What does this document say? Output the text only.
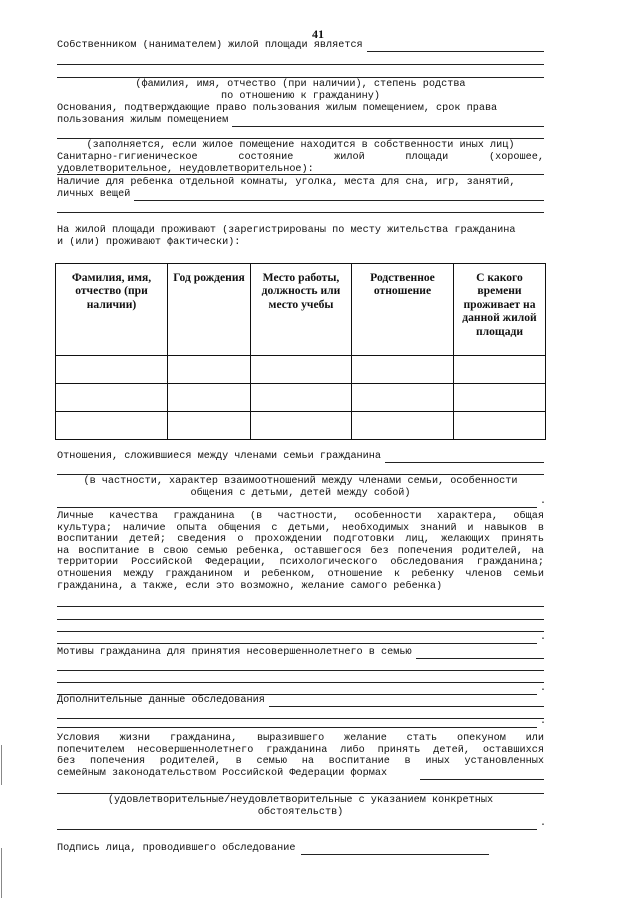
41
Собственником (нанимателем) жилой площади является
(фамилия, имя, отчество (при наличии), степень родства
по отношению к гражданину)
Основания, подтверждающие право пользования жилым помещением, срок права
пользования жилым помещением
(заполняется, если жилое помещение находится в собственности иных лиц)
Санитарно-гигиеническое состояние жилой площади (хорошее,
удовлетворительное, неудовлетворительное):
Наличие для ребенка отдельной комнаты, уголка, места для сна, игр, занятий,
личных вещей
На жилой площади проживают (зарегистрированы по месту жительства гражданина
и (или) проживают фактически):
Фамилия, имя, отчество (при наличии)	Год рождения	Место работы, должность или место учебы	Родственное отношение	С какого времени проживает на данной жилой площади

Отношения, сложившиеся между членами семьи гражданина
(в частности, характер взаимоотношений между членами семьи, особенности
общения с детьми, детей между собой)
.
Личные качества гражданина (в частности, особенности характера, общая
культура; наличие опыта общения с детьми, необходимых знаний и навыков в
воспитании детей; сведения о прохождении подготовки лиц, желающих принять
на воспитание в свою семью ребенка, оставшегося без попечения родителей, на
территории Российской Федерации, психологического обследования гражданина;
отношения между гражданином и ребенком, отношение к ребенку членов семьи
гражданина, а также, если это возможно, желание самого ребенка)
.
Мотивы гражданина для принятия несовершеннолетнего в семью
.
Дополнительные данные обследования
.
Условия жизни гражданина, выразившего желание стать опекуном или
попечителем несовершеннолетнего гражданина либо принять детей, оставшихся
без попечения родителей, в семью на воспитание в иных установленных
семейным законодательством Российской Федерации формах
(удовлетворительные/неудовлетворительные с указанием конкретных
обстоятельств)
.
Подпись лица, проводившего обследование
